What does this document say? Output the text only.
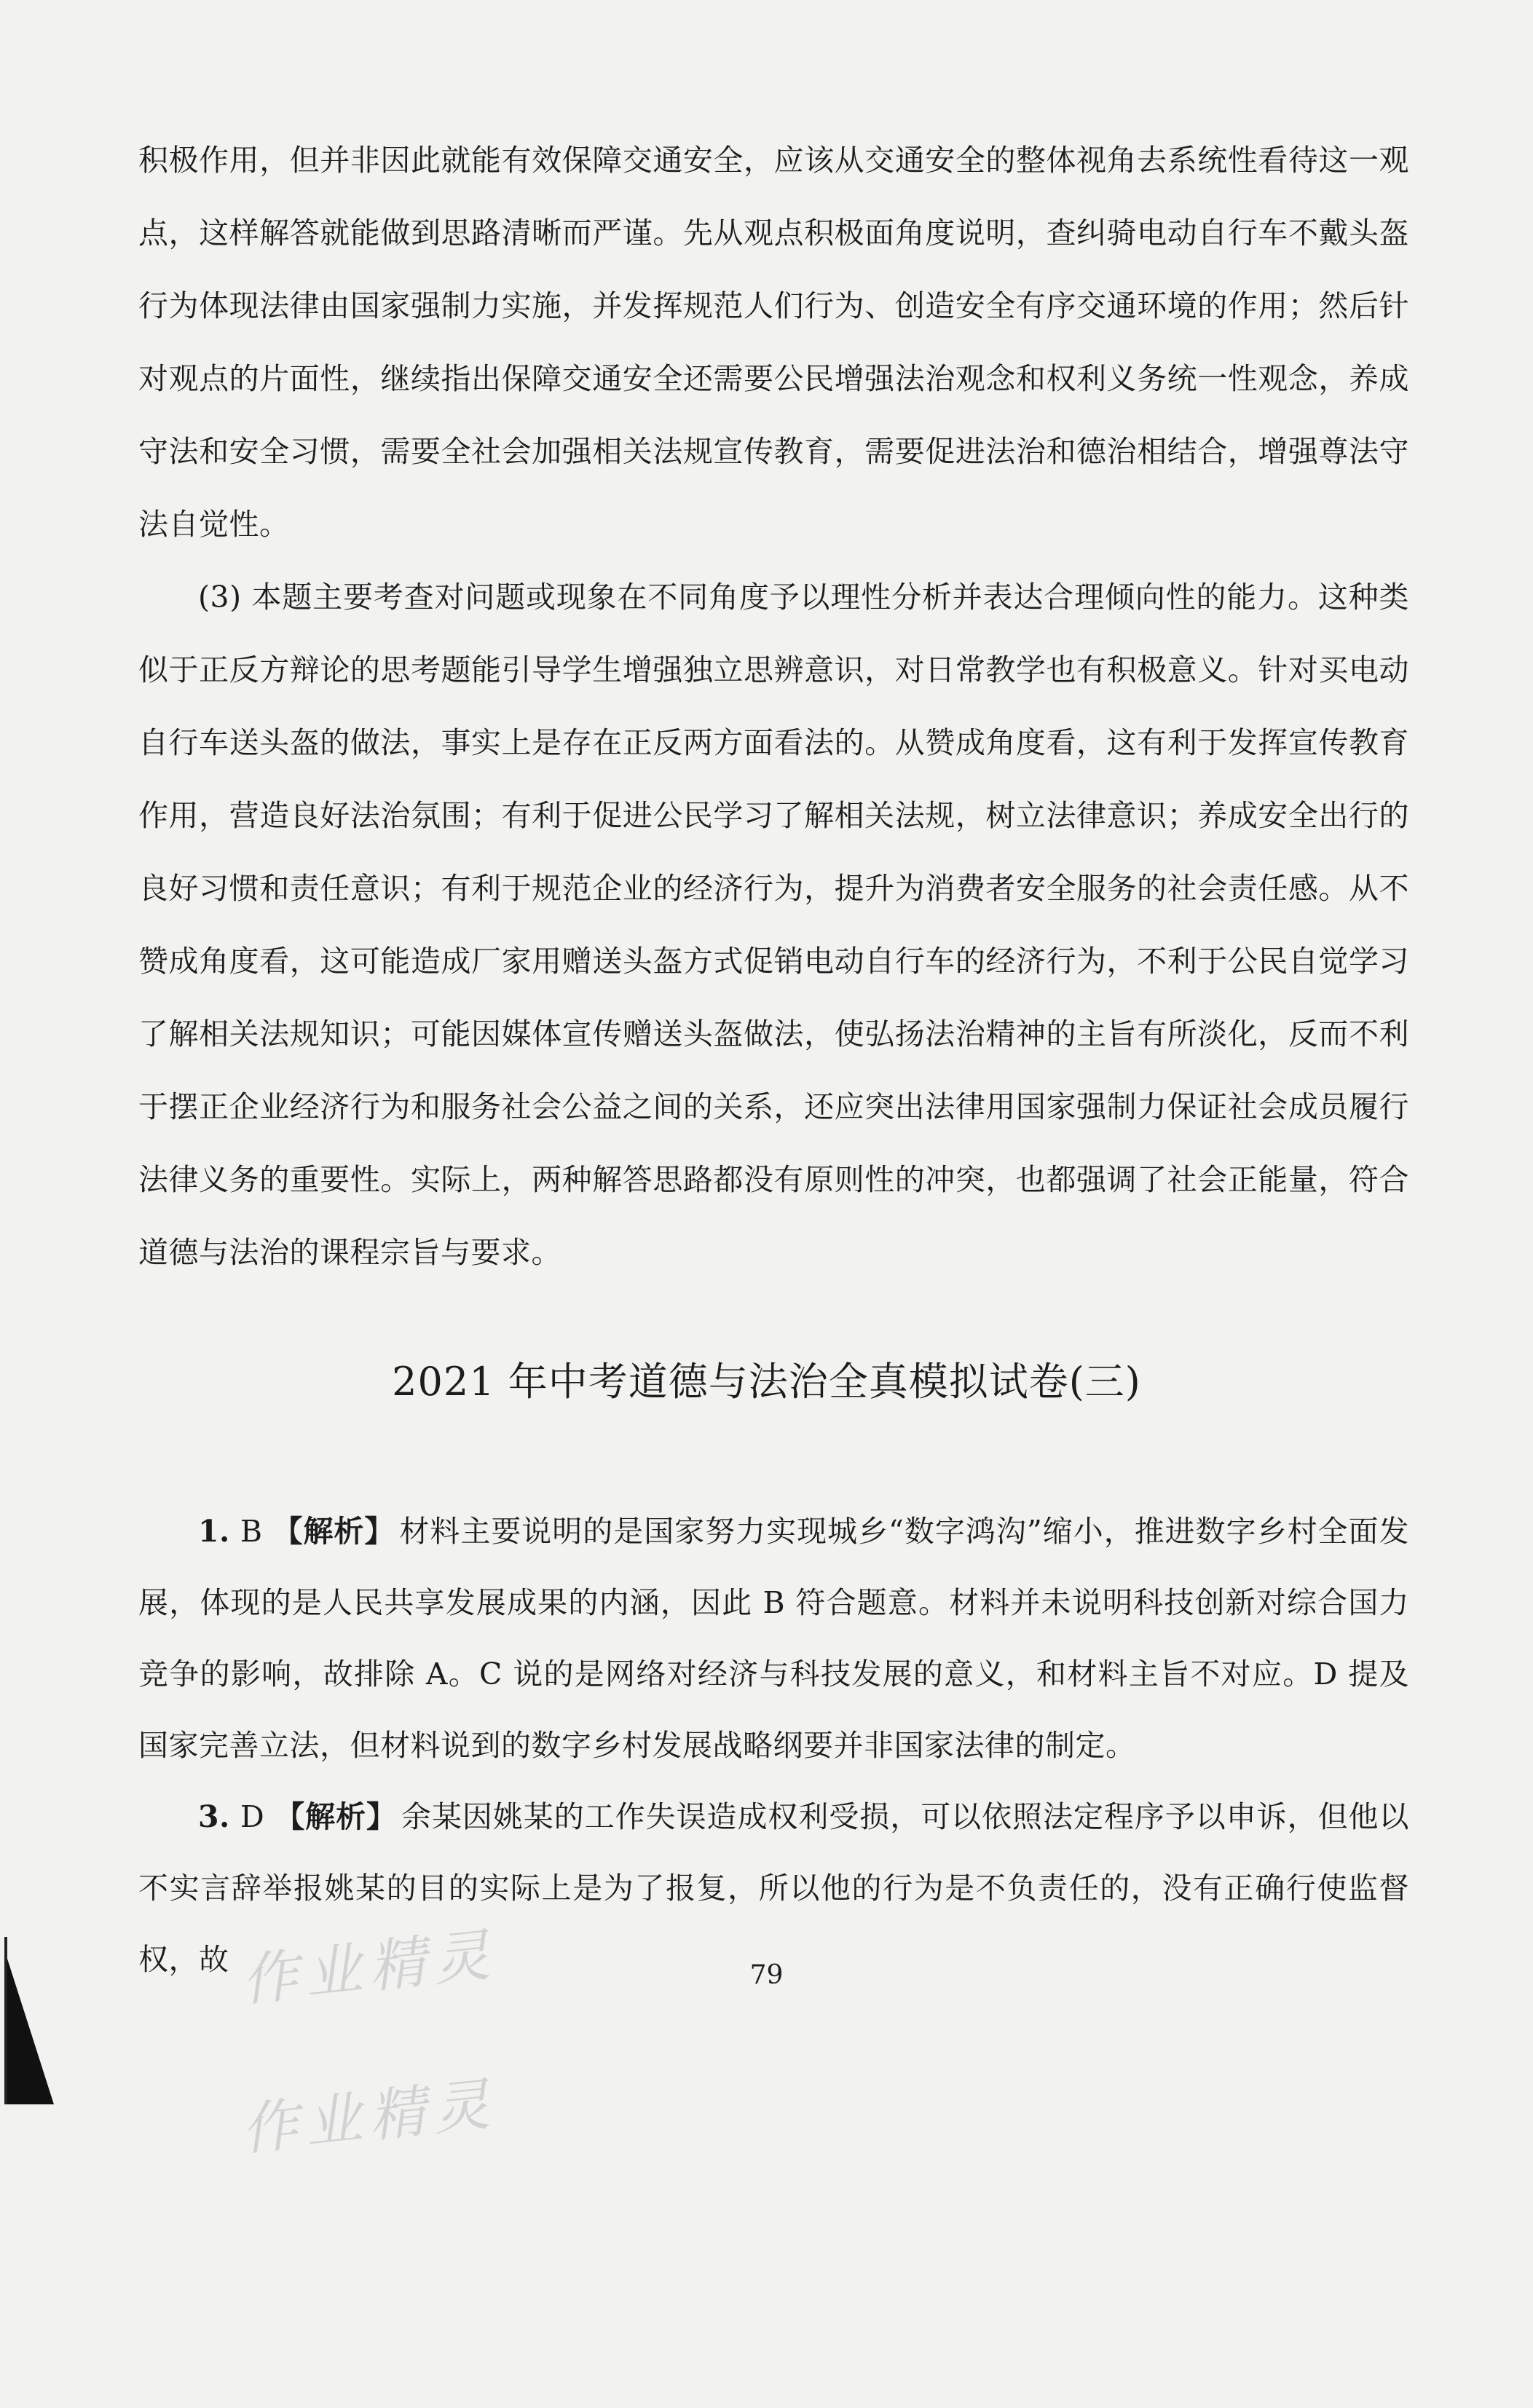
积极作用，但并非因此就能有效保障交通安全，应该从交通安全的整体视角去系统性看待这一观点，这样解答就能做到思路清晰而严谨。先从观点积极面角度说明，查纠骑电动自行车不戴头盔行为体现法律由国家强制力实施，并发挥规范人们行为、创造安全有序交通环境的作用；然后针对观点的片面性，继续指出保障交通安全还需要公民增强法治观念和权利义务统一性观念，养成守法和安全习惯，需要全社会加强相关法规宣传教育，需要促进法治和德治相结合，增强尊法守法自觉性。

(3) 本题主要考查对问题或现象在不同角度予以理性分析并表达合理倾向性的能力。这种类似于正反方辩论的思考题能引导学生增强独立思辨意识，对日常教学也有积极意义。针对买电动自行车送头盔的做法，事实上是存在正反两方面看法的。从赞成角度看，这有利于发挥宣传教育作用，营造良好法治氛围；有利于促进公民学习了解相关法规，树立法律意识；养成安全出行的良好习惯和责任意识；有利于规范企业的经济行为，提升为消费者安全服务的社会责任感。从不赞成角度看，这可能造成厂家用赠送头盔方式促销电动自行车的经济行为，不利于公民自觉学习了解相关法规知识；可能因媒体宣传赠送头盔做法，使弘扬法治精神的主旨有所淡化，反而不利于摆正企业经济行为和服务社会公益之间的关系，还应突出法律用国家强制力保证社会成员履行法律义务的重要性。实际上，两种解答思路都没有原则性的冲突，也都强调了社会正能量，符合道德与法治的课程宗旨与要求。

2021 年中考道德与法治全真模拟试卷(三)

1. B 【解析】 材料主要说明的是国家努力实现城乡“数字鸿沟”缩小，推进数字乡村全面发展，体现的是人民共享发展成果的内涵，因此 B 符合题意。材料并未说明科技创新对综合国力竞争的影响，故排除 A。C 说的是网络对经济与科技发展的意义，和材料主旨不对应。D 提及国家完善立法，但材料说到的数字乡村发展战略纲要并非国家法律的制定。

3. D 【解析】 余某因姚某的工作失误造成权利受损，可以依照法定程序予以申诉，但他以不实言辞举报姚某的目的实际上是为了报复，所以他的行为是不负责任的，没有正确行使监督权，故	79
作业精灵
作业精灵
